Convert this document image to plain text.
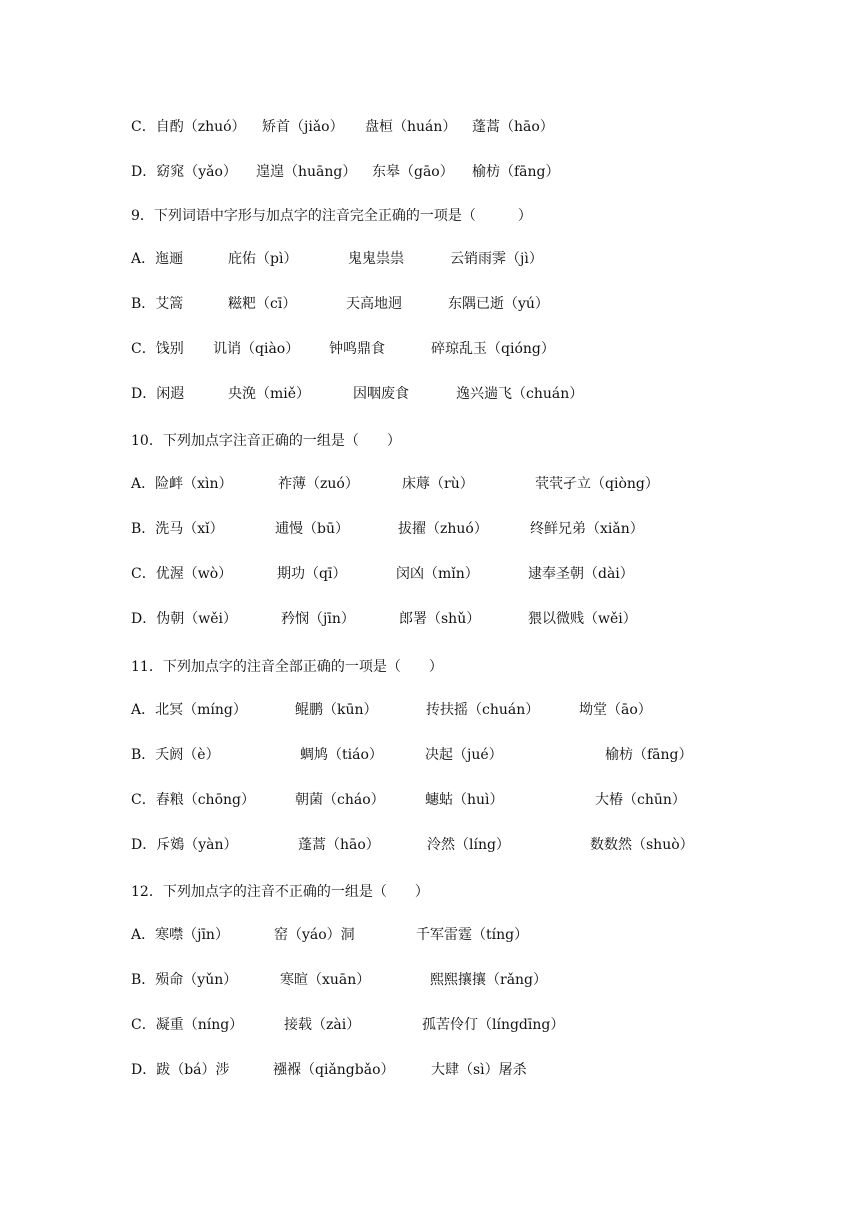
C．自酌（zhuó） 矫首（jiǎo） 盘桓（huán） 蓬蒿（hāo）
D．窈窕（yǎo） 遑遑（huāng） 东皋（gāo） 榆枋（fāng）
9．下列词语中字形与加点字的注音完全正确的一项是（　　　）
A．迤逦	庇佑（pì）	鬼鬼祟祟	云销雨霁（jì）
B．艾篙	糍粑（cī）	天高地迥	东隅已逝（yú）
C．饯别 讥诮（qiào） 钟鸣鼎食	碎琼乱玉（qióng）
D．闲遐	央浼（miě）	因咽废食	逸兴遄飞（chuán）
10．下列加点字注音正确的一组是（　　）
A．险衅（xìn）	祚薄（zuó）	床蓐（rù）	茕茕孑立（qiòng）
B．洗马（xǐ）	逋慢（bū）	拔擢（zhuó）	终鲜兄弟（xiǎn）
C．优渥（wò）	期功（qī）	闵凶（mǐn）	逮奉圣朝（dài）
D．伪朝（wěi）	矜悯（jīn）	郎署（shǔ）	猥以微贱（wěi）
11．下列加点字的注音全部正确的一项是（　　）
A．北冥（míng）	鲲鹏（kūn）	抟扶摇（chuán）	坳堂（āo）
B．夭阏（è）	蜩鸠（tiáo）	决起（jué）	榆枋（fāng）
C．舂粮（chōng）	朝菌（cháo）	蟪蛄（huì）	大椿（chūn）
D．斥鴳（yàn）	蓬蒿（hāo）	泠然（líng）	数数然（shuò）
12．下列加点字的注音不正确的一组是（　　）
A．寒噤（jīn）	窑（yáo）洞	千军雷霆（tíng）
B．殒命（yǔn）	寒暄（xuān）	熙熙攘攘（rǎng）
C．凝重（níng）	接载（zài）	孤苦伶仃（língdīng）
D．跋（bá）涉	襁褓（qiǎngbǎo）	大肆（sì）屠杀
